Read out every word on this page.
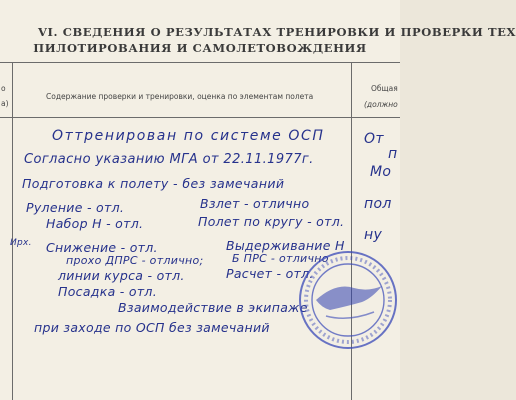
VI. СВЕДЕНИЯ О РЕЗУЛЬТАТАХ ТРЕНИРОВКИ И ПРОВЕРКИ ТЕХ
ПИЛОТИРОВАНИЯ И САМОЛЕТОВОЖДЕНИЯ
о
а)
Содержание проверки и тренировки, оценка по элементам полета
Общая
(должно
Оттренирован по системе ОСП
Согласно указанию МГА от 22.11.1977г.
Подготовка к полету - без замечаний
Руление - отл.	Взлет - отлично
Набор Н - отл.	Полет по кругу - отл.
Выдерживание Н
Снижение - отл.
Ирх.
прохо ДПРС - отлично;	Б ПРС - отлично
линии курса - отл.	Расчет - отл.
Посадка - отл.
Взаимодействие в экипаже
при заходе по ОСП без замечаний
От
п
Мо
пол
ну
